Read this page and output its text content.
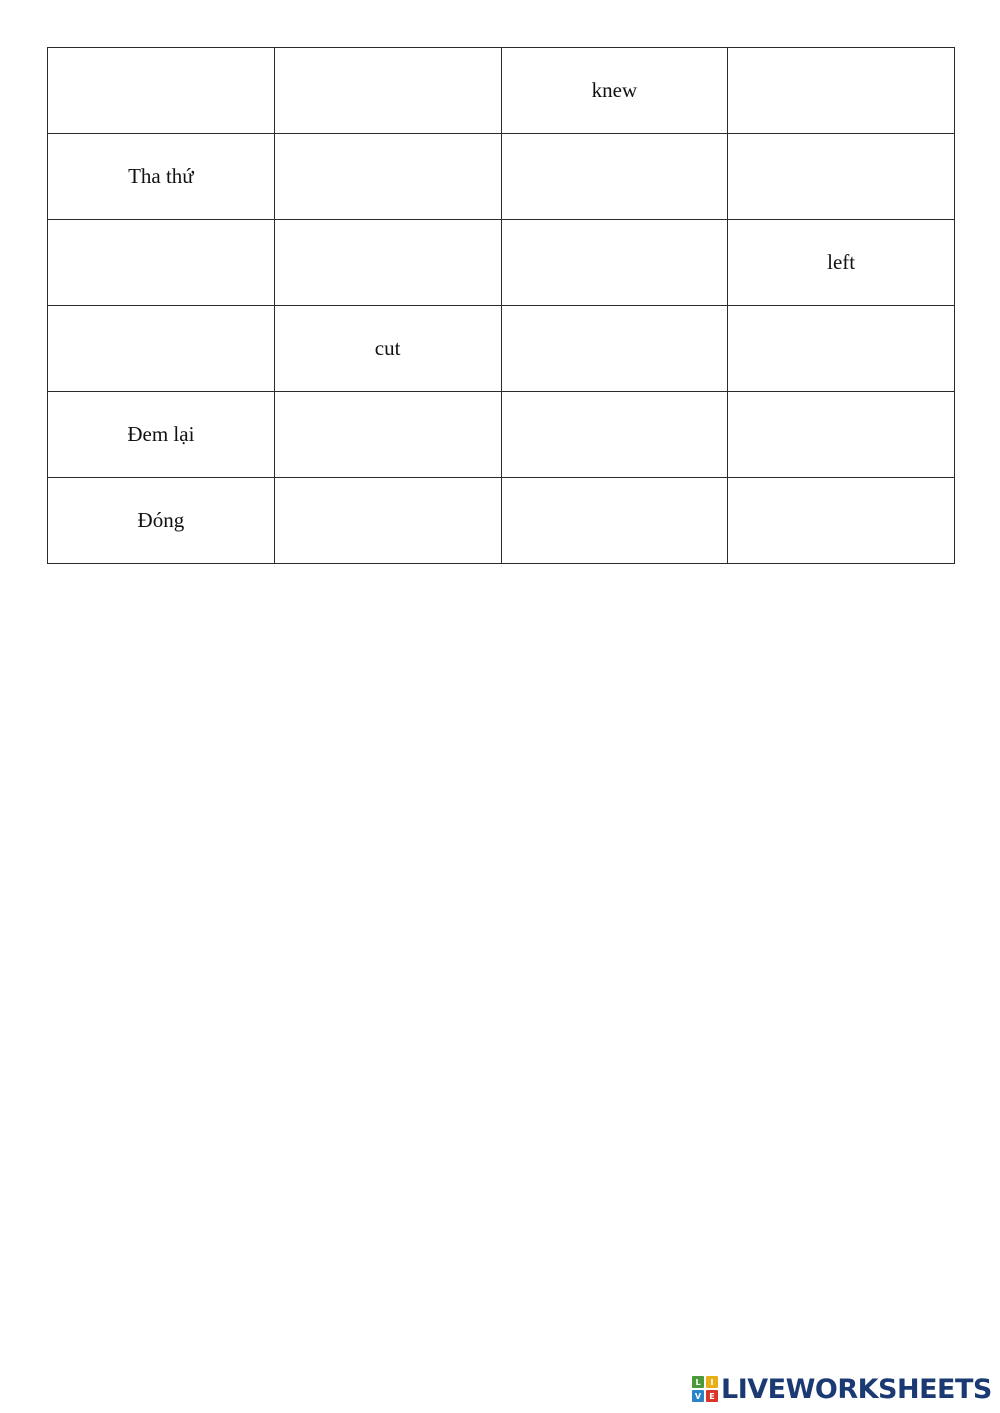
		knew	
Tha thứ			
			left
	cut		
Đem lại			
Đóng			
L	I
V	E LIVEWORKSHEETS
